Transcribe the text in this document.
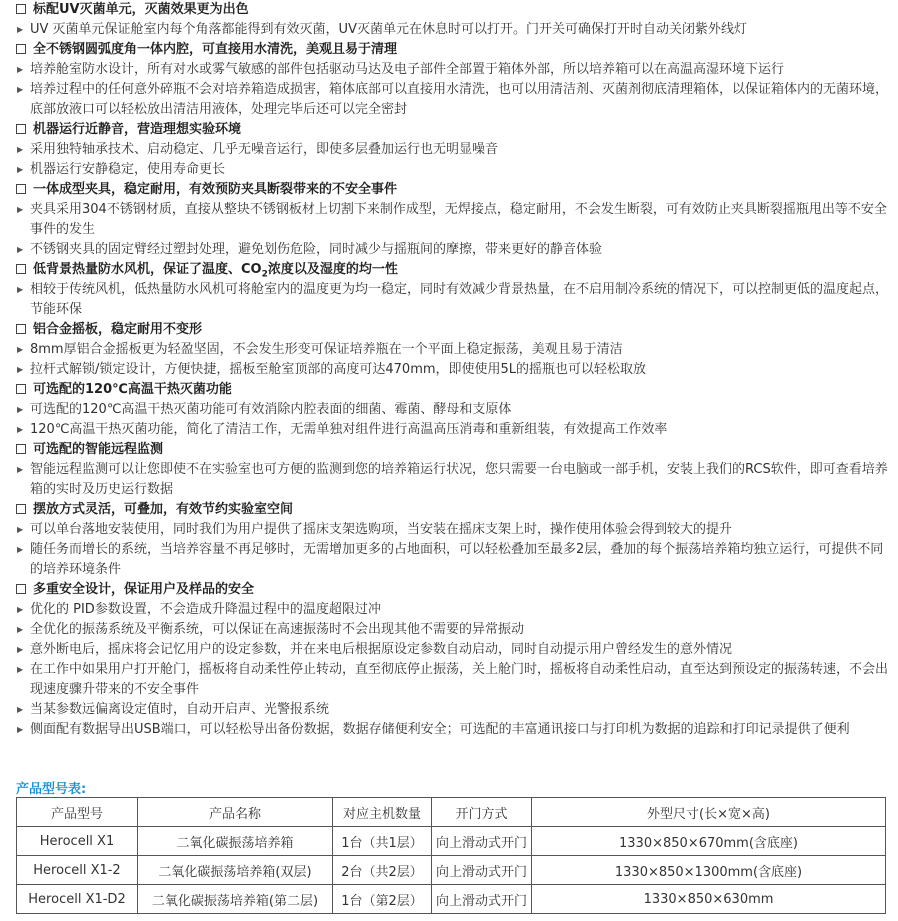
标配UV灭菌单元，灭菌效果更为出色
▶ UV 灭菌单元保证舱室内每个角落都能得到有效灭菌，UV灭菌单元在休息时可以打开。门开关可确保打开时自动关闭紫外线灯
全不锈钢圆弧度角一体内腔，可直接用水清洗，美观且易于清理
▶ 培养舱室防水设计，所有对水或雾气敏感的部件包括驱动马达及电子部件全部置于箱体外部，所以培养箱可以在高温高湿环境下运行
▶ 培养过程中的任何意外碎瓶不会对培养箱造成损害，箱体底部可以直接用水清洗，也可以用清洁剂、灭菌剂彻底清理箱体，以保证箱体内的无菌环境，底部放液口可以轻松放出清洁用液体，处理完毕后还可以完全密封
机器运行近静音，营造理想实验环境
▶ 采用独特轴承技术、启动稳定、几乎无噪音运行，即使多层叠加运行也无明显噪音
▶ 机器运行安静稳定，使用寿命更长
一体成型夹具，稳定耐用，有效预防夹具断裂带来的不安全事件
▶ 夹具采用304不锈钢材质，直接从整块不锈钢板材上切割下来制作成型，无焊接点，稳定耐用，不会发生断裂，可有效防止夹具断裂摇瓶甩出等不安全事件的发生
▶ 不锈钢夹具的固定臂经过塑封处理，避免划伤危险，同时减少与摇瓶间的摩擦，带来更好的静音体验
低背景热量防水风机，保证了温度、$CO_2$浓度以及湿度的均一性
▶ 相较于传统风机，低热量防水风机可将舱室内的温度更为均一稳定，同时有效减少背景热量，在不启用制冷系统的情况下，可以控制更低的温度起点，节能环保
铝合金摇板，稳定耐用不变形
▶ 8mm厚铝合金摇板更为轻盈坚固，不会发生形变可保证培养瓶在一个平面上稳定振荡，美观且易于清洁
▶ 拉杆式解锁/锁定设计，方便快捷，摇板至舱室顶部的高度可达470mm，即使使用5L的摇瓶也可以轻松取放
可选配的120℃高温干热灭菌功能
▶ 可选配的120℃高温干热灭菌功能可有效消除内腔表面的细菌、霉菌、酵母和支原体
▶ 120℃高温干热灭菌功能，简化了清洁工作，无需单独对组件进行高温高压消毒和重新组装，有效提高工作效率
可选配的智能远程监测
▶ 智能远程监测可以让您即使不在实验室也可方便的监测到您的培养箱运行状况，您只需要一台电脑或一部手机，安装上我们的RCS软件，即可查看培养箱的实时及历史运行数据
摆放方式灵活，可叠加，有效节约实验室空间
▶ 可以单台落地安装使用，同时我们为用户提供了摇床支架选购项，当安装在摇床支架上时，操作使用体验会得到较大的提升
▶ 随任务而增长的系统，当培养容量不再足够时，无需增加更多的占地面积，可以轻松叠加至最多2层，叠加的每个振荡培养箱均独立运行，可提供不同的培养环境条件
多重安全设计，保证用户及样品的安全
▶ 优化的 PID参数设置，不会造成升降温过程中的温度超限过冲
▶ 全优化的振荡系统及平衡系统，可以保证在高速振荡时不会出现其他不需要的异常振动
▶ 意外断电后，摇床将会记忆用户的设定参数，并在来电后根据原设定参数自动启动，同时自动提示用户曾经发生的意外情况
▶ 在工作中如果用户打开舱门，摇板将自动柔性停止转动，直至彻底停止振荡，关上舱门时，摇板将自动柔性启动，直至达到预设定的振荡转速，不会出现速度骤升带来的不安全事件
▶ 当某参数远偏离设定值时，自动开启声、光警报系统
▶ 侧面配有数据导出USB端口，可以轻松导出备份数据，数据存储便利安全；可选配的丰富通讯接口与打印机为数据的追踪和打印记录提供了便利
产品型号表:
产品型号	产品名称	对应主机数量	开门方式	外型尺寸(长×宽×高)
Herocell X1	二氧化碳振荡培养箱	1台（共1层）	向上滑动式开门	1330×850×670mm(含底座)
Herocell X1-2	二氧化碳振荡培养箱(双层)	2台（共2层）	向上滑动式开门	1330×850×1300mm(含底座)
Herocell X1-D2	二氧化碳振荡培养箱(第二层)	1台（第2层）	向上滑动式开门	1330×850×630mm
